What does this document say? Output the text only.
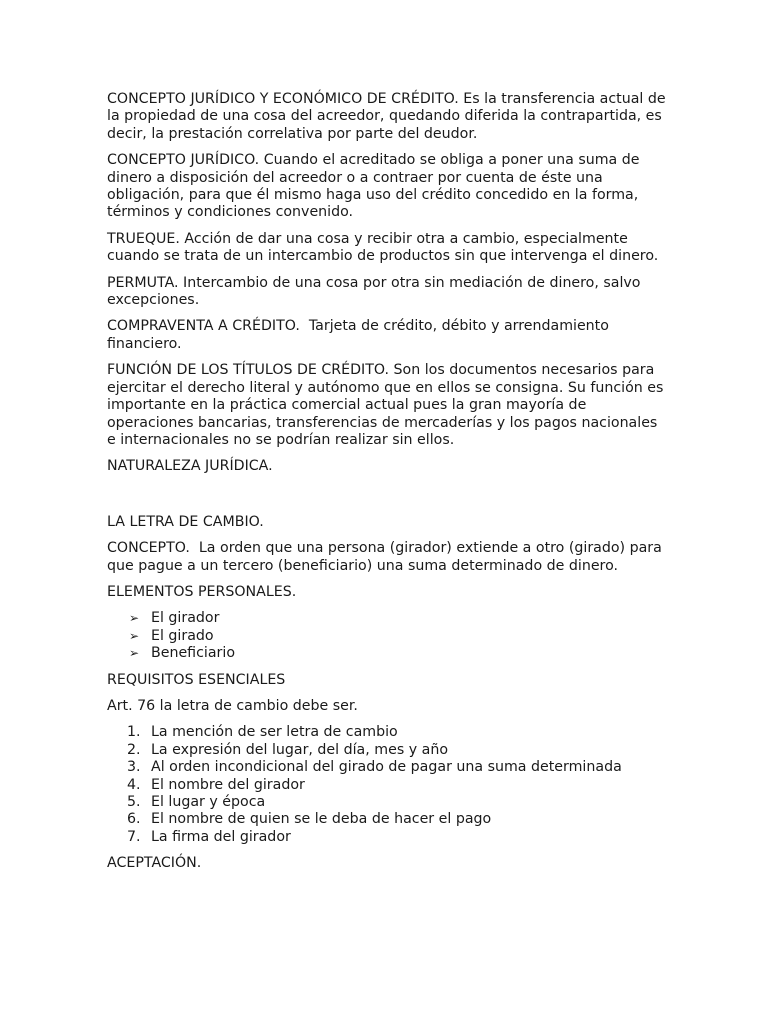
CONCEPTO JURÍDICO Y ECONÓMICO DE CRÉDITO. Es la transferencia actual de la propiedad de una cosa del acreedor, quedando diferida la contrapartida, es decir, la prestación correlativa por parte del deudor.

CONCEPTO JURÍDICO. Cuando el acreditado se obliga a poner una suma de dinero a disposición del acreedor o a contraer por cuenta de éste una obligación, para que él mismo haga uso del crédito concedido en la forma, términos y condiciones convenido.

TRUEQUE. Acción de dar una cosa y recibir otra a cambio, especialmente cuando se trata de un intercambio de productos sin que intervenga el dinero.

PERMUTA. Intercambio de una cosa por otra sin mediación de dinero, salvo excepciones.

COMPRAVENTA A CRÉDITO.  Tarjeta de crédito, débito y arrendamiento financiero.

FUNCIÓN DE LOS TÍTULOS DE CRÉDITO. Son los documentos necesarios para ejercitar el derecho literal y autónomo que en ellos se consigna. Su función es importante en la práctica comercial actual pues la gran mayoría de operaciones bancarias, transferencias de mercaderías y los pagos nacionales e internacionales no se podrían realizar sin ellos.

NATURALEZA JURÍDICA.

LA LETRA DE CAMBIO.

CONCEPTO.  La orden que una persona (girador) extiende a otro (girado) para que pague a un tercero (beneficiario) una suma determinado de dinero.

ELEMENTOS PERSONALES.

➢ El girador
➢ El girado
➢ Beneficiario

REQUISITOS ESENCIALES

Art. 76 la letra de cambio debe ser.

1. La mención de ser letra de cambio
2. La expresión del lugar, del día, mes y año
3. Al orden incondicional del girado de pagar una suma determinada
4. El nombre del girador
5. El lugar y época
6. El nombre de quien se le deba de hacer el pago
7. La firma del girador

ACEPTACIÓN.
